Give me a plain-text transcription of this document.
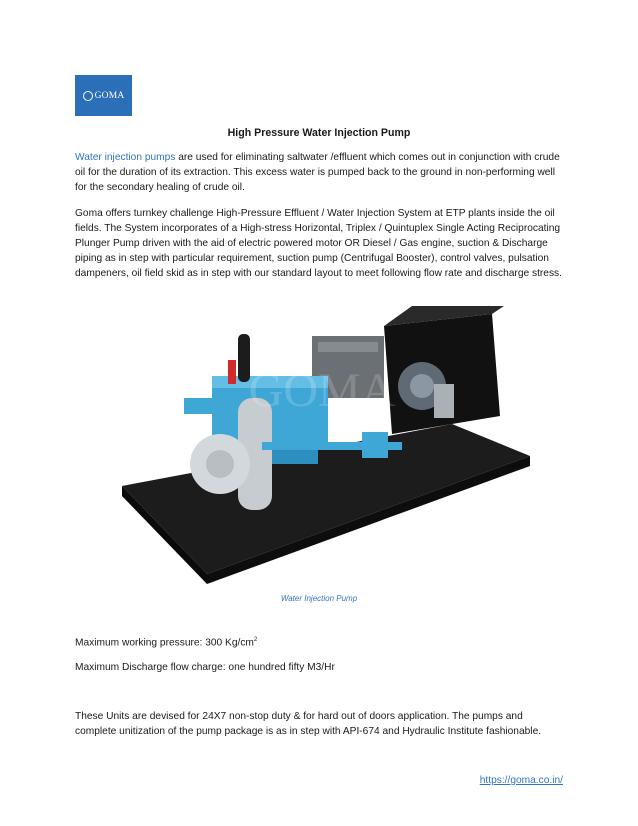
GOMA
High Pressure Water Injection Pump
Water injection pumps are used for eliminating saltwater /effluent which comes out in conjunction with crude oil for the duration of its extraction. This excess water is pumped back to the ground in non-performing well for the secondary healing of crude oil.
Goma offers turnkey challenge High-Pressure Effluent / Water Injection System at ETP plants inside the oil fields. The System incorporates of a High-stress Horizontal, Triplex / Quintuplex Single Acting Reciprocating Plunger Pump driven with the aid of electric powered motor OR Diesel / Gas engine, suction & Discharge piping as in step with particular requirement, suction pump (Centrifugal Booster), control valves, pulsation dampeners, oil field skid as in step with our standard layout to meet following flow rate and discharge stress.
GOMA
Water Injection Pump
Maximum working pressure: 300 $Kg/cm^2$
Maximum Discharge flow charge: one hundred fifty M3/Hr
These Units are devised for 24X7 non-stop duty & for hard out of doors application. The pumps and complete unitization of the pump package is as in step with API-674 and Hydraulic Institute fashionable.
https://goma.co.in/
